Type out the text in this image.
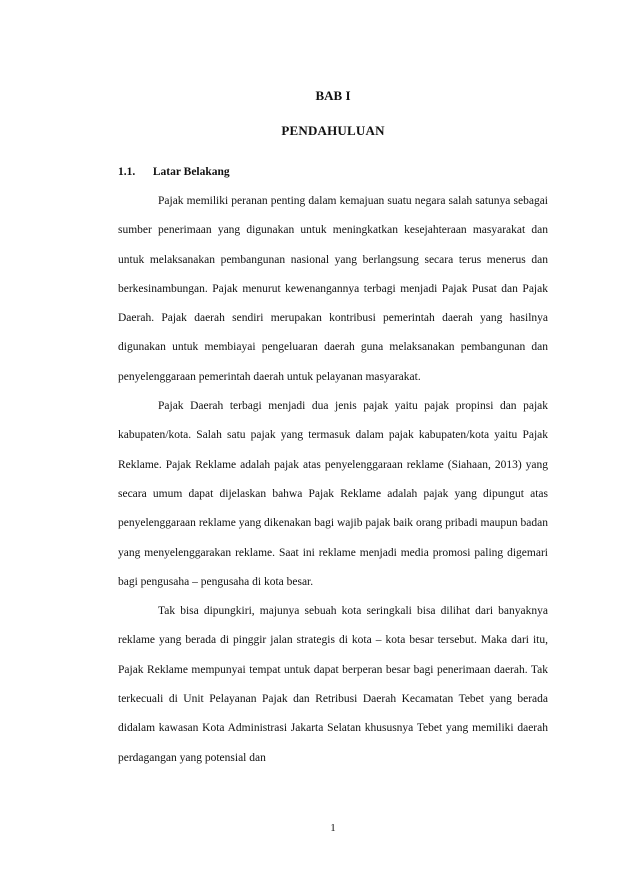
BAB I
PENDAHULUAN
1.1. Latar Belakang

Pajak memiliki peranan penting dalam kemajuan suatu negara salah satunya sebagai sumber penerimaan yang digunakan untuk meningkatkan kesejahteraan masyarakat dan untuk melaksanakan pembangunan nasional yang berlangsung secara terus menerus dan berkesinambungan. Pajak menurut kewenangannya terbagi menjadi Pajak Pusat dan Pajak Daerah. Pajak daerah sendiri merupakan kontribusi pemerintah daerah yang hasilnya digunakan untuk membiayai pengeluaran daerah guna melaksanakan pembangunan dan penyelenggaraan pemerintah daerah untuk pelayanan masyarakat.

Pajak Daerah terbagi menjadi dua jenis pajak yaitu pajak propinsi dan pajak kabupaten/kota. Salah satu pajak yang termasuk dalam pajak kabupaten/kota yaitu Pajak Reklame. Pajak Reklame adalah pajak atas penyelenggaraan reklame (Siahaan, 2013) yang secara umum dapat dijelaskan bahwa Pajak Reklame adalah pajak yang dipungut atas penyelenggaraan reklame yang dikenakan bagi wajib pajak baik orang pribadi maupun badan yang menyelenggarakan reklame. Saat ini reklame menjadi media promosi paling digemari bagi pengusaha – pengusaha di kota besar.

Tak bisa dipungkiri, majunya sebuah kota seringkali bisa dilihat dari banyaknya reklame yang berada di pinggir jalan strategis di kota – kota besar tersebut. Maka dari itu, Pajak Reklame mempunyai tempat untuk dapat berperan besar bagi penerimaan daerah. Tak terkecuali di Unit Pelayanan Pajak dan Retribusi Daerah Kecamatan Tebet yang berada didalam kawasan Kota Administrasi Jakarta Selatan khususnya Tebet yang memiliki daerah perdagangan yang potensial dan

1
